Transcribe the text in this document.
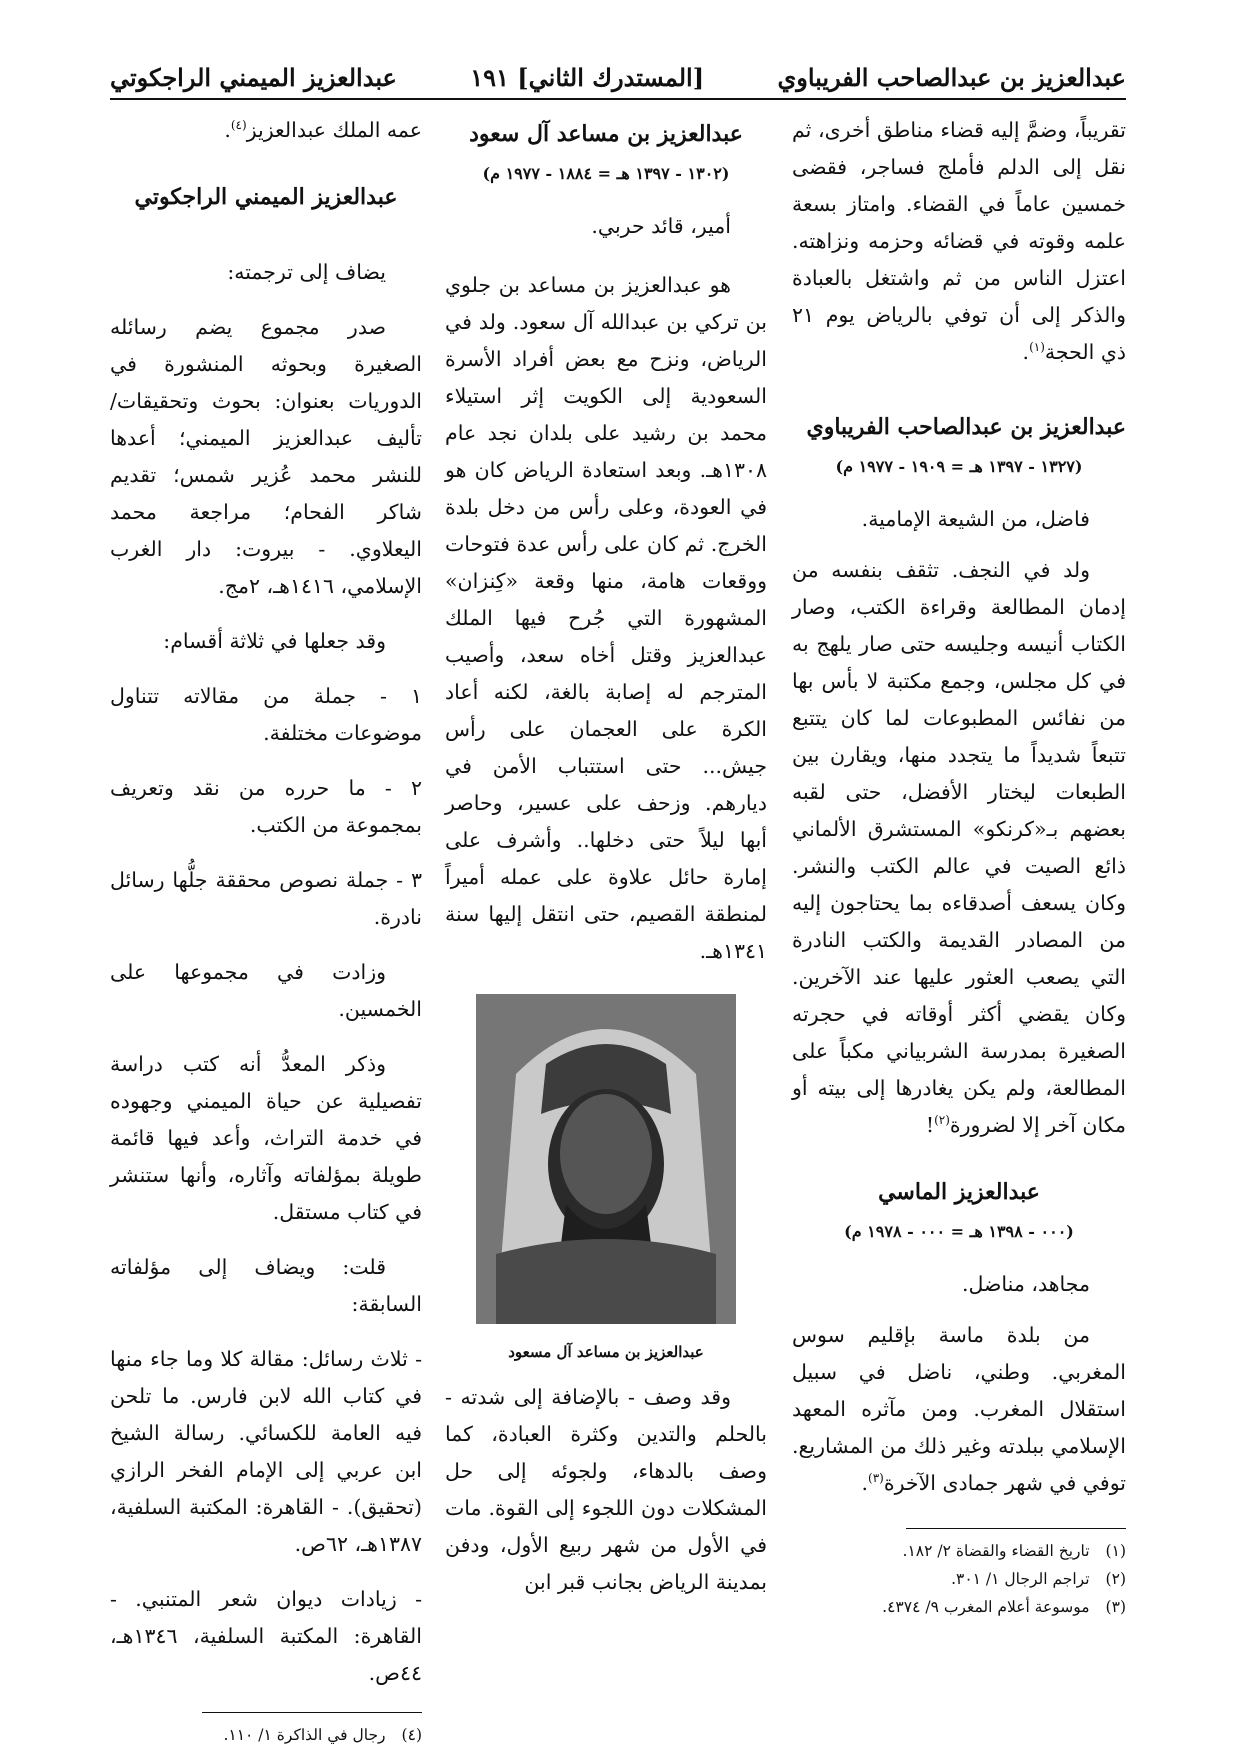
عبدالعزيز بن عبدالصاحب الفريباوي
[المستدرك الثاني] ١٩١
عبدالعزيز الميمني الراجكوتي

تقريباً، وضمَّ إليه قضاء مناطق أخرى، ثم نقل إلى الدلم فأملج فساجر، فقضى خمسين عاماً في القضاء. وامتاز بسعة علمه وقوته في قضائه وحزمه ونزاهته. اعتزل الناس من ثم واشتغل بالعبادة والذكر إلى أن توفي بالرياض يوم ٢١ ذي الحجة$^{(١)}$.

عبدالعزيز بن عبدالصاحب الفريباوي
(١٣٢٧ - ١٣٩٧ هـ = ١٩٠٩ - ١٩٧٧ م)

فاضل، من الشيعة الإمامية.

ولد في النجف. تثقف بنفسه من إدمان المطالعة وقراءة الكتب، وصار الكتاب أنيسه وجليسه حتى صار يلهج به في كل مجلس، وجمع مكتبة لا بأس بها من نفائس المطبوعات لما كان يتتبع تتبعاً شديداً ما يتجدد منها، ويقارن بين الطبعات ليختار الأفضل، حتى لقبه بعضهم بـ«كرنكو» المستشرق الألماني ذائع الصيت في عالم الكتب والنشر. وكان يسعف أصدقاءه بما يحتاجون إليه من المصادر القديمة والكتب النادرة التي يصعب العثور عليها عند الآخرين. وكان يقضي أكثر أوقاته في حجرته الصغيرة بمدرسة الشربياني مكباً على المطالعة، ولم يكن يغادرها إلى بيته أو مكان آخر إلا لضرورة$^{(٢)}$!

عبدالعزيز الماسي
(٠٠٠ - ١٣٩٨ هـ = ٠٠٠ - ١٩٧٨ م)

مجاهد، مناضل.

من بلدة ماسة بإقليم سوس المغربي. وطني، ناضل في سبيل استقلال المغرب. ومن مآثره المعهد الإسلامي ببلدته وغير ذلك من المشاريع. توفي في شهر جمادى الآخرة$^{(٣)}$.

(١)
تاريخ القضاء والقضاة ٢/ ١٨٢.
(٢)
تراجم الرجال ١/ ٣٠١.
(٣)
موسوعة أعلام المغرب ٩/ ٤٣٧٤.
عبدالعزيز بن مساعد آل سعود
(١٣٠٢ - ١٣٩٧ هـ = ١٨٨٤ - ١٩٧٧ م)

أمير، قائد حربي.

هو عبدالعزيز بن مساعد بن جلوي بن تركي بن عبدالله آل سعود. ولد في الرياض، ونزح مع بعض أفراد الأسرة السعودية إلى الكويت إثر استيلاء محمد بن رشيد على بلدان نجد عام ١٣٠٨هـ. وبعد استعادة الرياض كان هو في العودة، وعلى رأس من دخل بلدة الخرج. ثم كان على رأس عدة فتوحات ووقعات هامة، منها وقعة «كِنزان» المشهورة التي جُرح فيها الملك عبدالعزيز وقتل أخاه سعد، وأصيب المترجم له إصابة بالغة، لكنه أعاد الكرة على العجمان على رأس جيش... حتى استتباب الأمن في ديارهم. وزحف على عسير، وحاصر أبها ليلاً حتى دخلها.. وأشرف على إمارة حائل علاوة على عمله أميراً لمنطقة القصيم، حتى انتقل إليها سنة ١٣٤١هـ.

عبدالعزيز بن مساعد آل مسعود

وقد وصف - بالإضافة إلى شدته - بالحلم والتدين وكثرة العبادة، كما وصف بالدهاء، ولجوئه إلى حل المشكلات دون اللجوء إلى القوة. مات في الأول من شهر ربيع الأول، ودفن بمدينة الرياض بجانب قبر ابن

عمه الملك عبدالعزيز$^{(٤)}$.

عبدالعزيز الميمني الراجكوتي

يضاف إلى ترجمته:

صدر مجموع يضم رسائله الصغيرة وبحوثه المنشورة في الدوريات بعنوان: بحوث وتحقيقات/ تأليف عبدالعزيز الميمني؛ أعدها للنشر محمد عُزير شمس؛ تقديم شاكر الفحام؛ مراجعة محمد اليعلاوي. - بيروت: دار الغرب الإسلامي، ١٤١٦هـ، ٢مج.

وقد جعلها في ثلاثة أقسام:

١ - جملة من مقالاته تتناول موضوعات مختلفة.

٢ - ما حرره من نقد وتعريف بمجموعة من الكتب.

٣ - جملة نصوص محققة جلُّها رسائل نادرة.

وزادت في مجموعها على الخمسين.

وذكر المعدُّ أنه كتب دراسة تفصيلية عن حياة الميمني وجهوده في خدمة التراث، وأعد فيها قائمة طويلة بمؤلفاته وآثاره، وأنها ستنشر في كتاب مستقل.

قلت: ويضاف إلى مؤلفاته السابقة:

- ثلاث رسائل: مقالة كلا وما جاء منها في كتاب الله لابن فارس. ما تلحن فيه العامة للكسائي. رسالة الشيخ ابن عربي إلى الإمام الفخر الرازي (تحقيق). - القاهرة: المكتبة السلفية، ١٣٨٧هـ، ٦٢ص.

- زيادات ديوان شعر المتنبي. - القاهرة: المكتبة السلفية، ١٣٤٦هـ، ٤٤ص.

(٤)
رجال في الذاكرة ١/ ١١٠.
